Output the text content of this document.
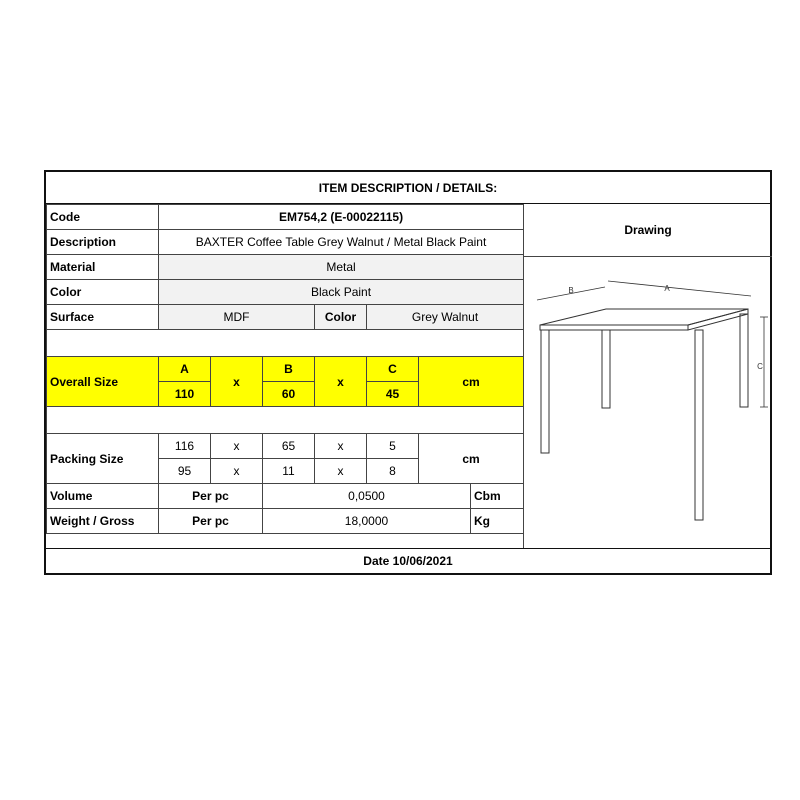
ITEM DESCRIPTION / DETAILS:
Code	EM754,2 (E-00022115)						
Description	BAXTER Coffee Table Grey Walnut / Metal Black Paint						
Material	Metal						
Color	Black Paint						
Surface	MDF			Color	Grey Walnut		

Overall Size	A	x	B	x	C	cm	
	110		60		45		

Packing Size	116	x	65	x	5	cm	
	95	x	11	x	8		
Volume	Per pc		0,0500				Cbm
Weight / Gross	Per pc		18,0000				Kg
Drawing
B	A
C
Date 10/06/2021
